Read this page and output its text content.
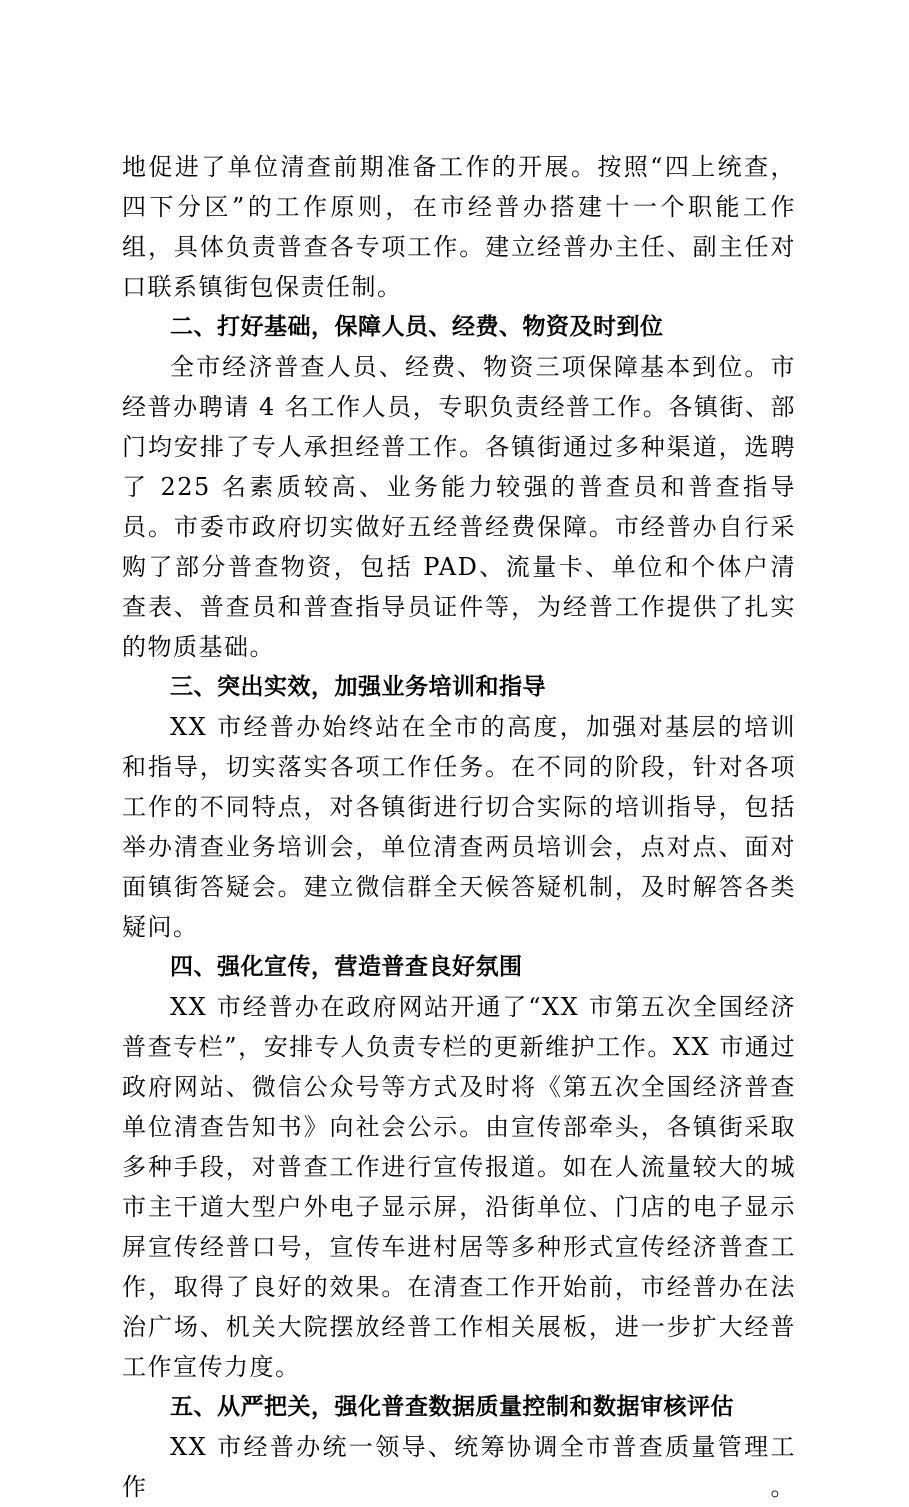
地促进了单位清查前期准备工作的开展。按照“四上统查，四下分区”的工作原则，在市经普办搭建十一个职能工作组，具体负责普查各专项工作。建立经普办主任、副主任对口联系镇街包保责任制。

二、打好基础，保障人员、经费、物资及时到位

全市经济普查人员、经费、物资三项保障基本到位。市经普办聘请 4 名工作人员，专职负责经普工作。各镇街、部门均安排了专人承担经普工作。各镇街通过多种渠道，选聘了 225 名素质较高、业务能力较强的普查员和普查指导员。市委市政府切实做好五经普经费保障。市经普办自行采购了部分普查物资，包括 PAD、流量卡、单位和个体户清查表、普查员和普查指导员证件等，为经普工作提供了扎实的物质基础。

三、突出实效，加强业务培训和指导

XX 市经普办始终站在全市的高度，加强对基层的培训和指导，切实落实各项工作任务。在不同的阶段，针对各项工作的不同特点，对各镇街进行切合实际的培训指导，包括举办清查业务培训会，单位清查两员培训会，点对点、面对面镇街答疑会。建立微信群全天候答疑机制，及时解答各类疑问。

四、强化宣传，营造普查良好氛围

XX 市经普办在政府网站开通了“XX 市第五次全国经济普查专栏”，安排专人负责专栏的更新维护工作。XX 市通过政府网站、微信公众号等方式及时将《第五次全国经济普查单位清查告知书》向社会公示。由宣传部牵头，各镇街采取多种手段，对普查工作进行宣传报道。如在人流量较大的城市主干道大型户外电子显示屏，沿街单位、门店的电子显示屏宣传经普口号，宣传车进村居等多种形式宣传经济普查工作，取得了良好的效果。在清查工作开始前，市经普办在法治广场、机关大院摆放经普工作相关展板，进一步扩大经普工作宣传力度。

五、从严把关，强化普查数据质量控制和数据审核评估

XX 市经普办统一领导、统筹协调全市普查质量管理工作。
